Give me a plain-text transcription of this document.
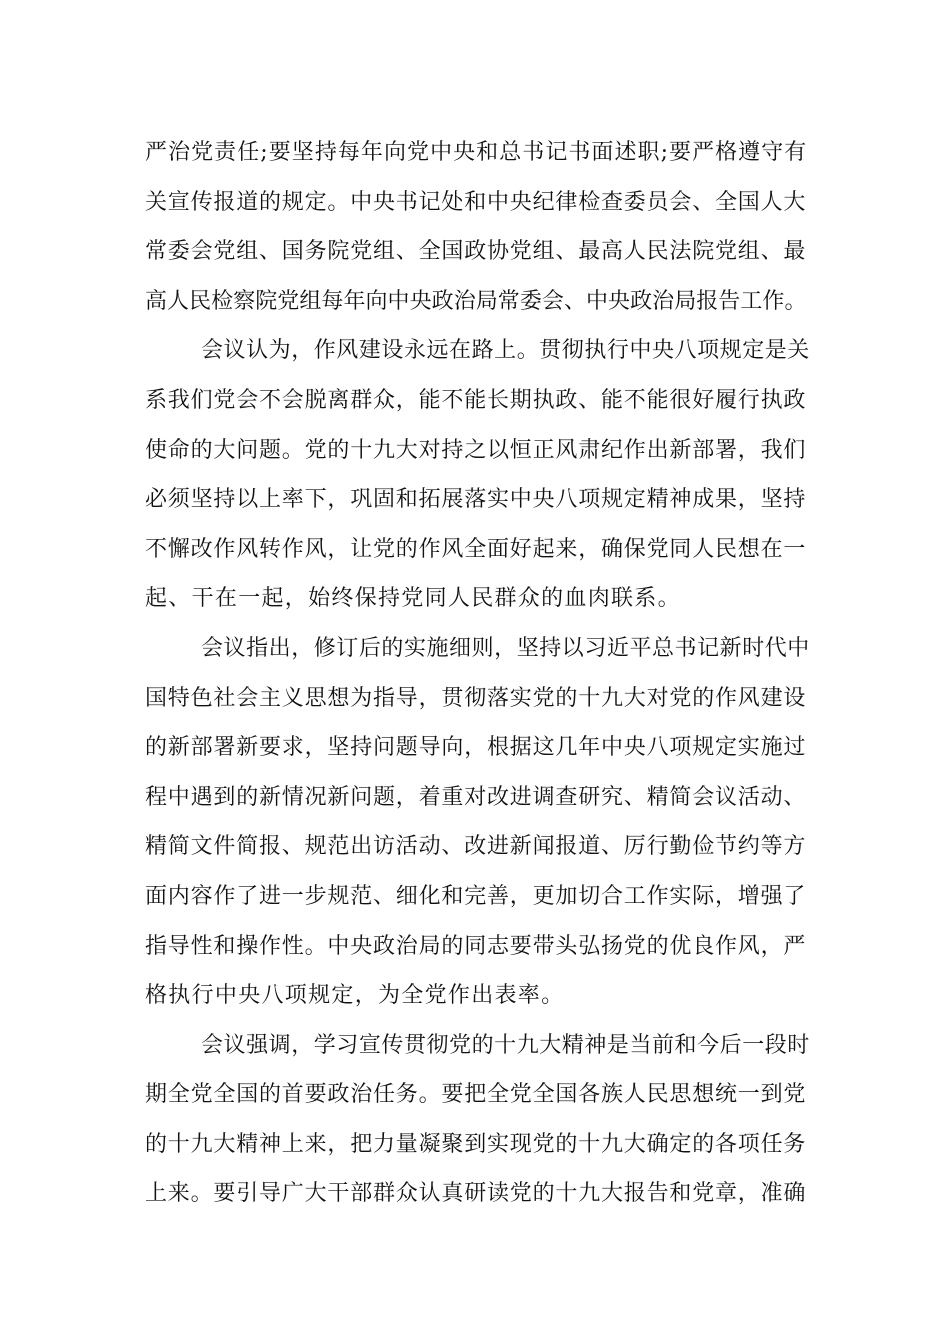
严治党责任;要坚持每年向党中央和总书记书面述职;要严格遵守有
关宣传报道的规定。中央书记处和中央纪律检查委员会、全国人大
常委会党组、国务院党组、全国政协党组、最高人民法院党组、最
高人民检察院党组每年向中央政治局常委会、中央政治局报告工作。
会议认为，作风建设永远在路上。贯彻执行中央八项规定是关
系我们党会不会脱离群众，能不能长期执政、能不能很好履行执政
使命的大问题。党的十九大对持之以恒正风肃纪作出新部署，我们
必须坚持以上率下，巩固和拓展落实中央八项规定精神成果，坚持
不懈改作风转作风，让党的作风全面好起来，确保党同人民想在一
起、干在一起，始终保持党同人民群众的血肉联系。
会议指出，修订后的实施细则，坚持以习近平总书记新时代中
国特色社会主义思想为指导，贯彻落实党的十九大对党的作风建设
的新部署新要求，坚持问题导向，根据这几年中央八项规定实施过
程中遇到的新情况新问题，着重对改进调查研究、精简会议活动、
精简文件简报、规范出访活动、改进新闻报道、厉行勤俭节约等方
面内容作了进一步规范、细化和完善，更加切合工作实际，增强了
指导性和操作性。中央政治局的同志要带头弘扬党的优良作风，严
格执行中央八项规定，为全党作出表率。
会议强调，学习宣传贯彻党的十九大精神是当前和今后一段时
期全党全国的首要政治任务。要把全党全国各族人民思想统一到党
的十九大精神上来，把力量凝聚到实现党的十九大确定的各项任务
上来。要引导广大干部群众认真研读党的十九大报告和党章，准确
